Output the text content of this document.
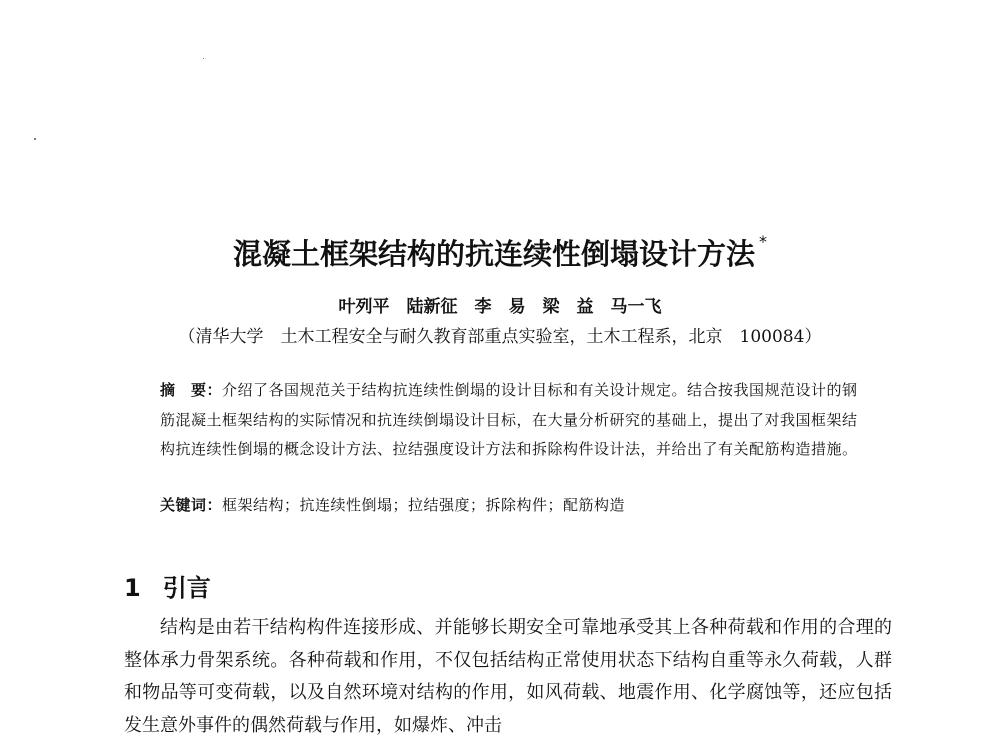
混凝土框架结构的抗连续性倒塌设计方法 *
叶列平　陆新征　李　易　梁　益　马一飞
（清华大学　土木工程安全与耐久教育部重点实验室，土木工程系，北京　100084）
摘　要：介绍了各国规范关于结构抗连续性倒塌的设计目标和有关设计规定。结合按我国规范设计的钢筋混凝土框架结构的实际情况和抗连续倒塌设计目标，在大量分析研究的基础上，提出了对我国框架结构抗连续性倒塌的概念设计方法、拉结强度设计方法和拆除构件设计法，并给出了有关配筋构造措施。
关键词：框架结构；抗连续性倒塌；拉结强度；拆除构件；配筋构造
1 引言

结构是由若干结构构件连接形成、并能够长期安全可靠地承受其上各种荷载和作用的合理的整体承力骨架系统。各种荷载和作用，不仅包括结构正常使用状态下结构自重等永久荷载，人群和物品等可变荷载，以及自然环境对结构的作用，如风荷载、地震作用、化学腐蚀等，还应包括发生意外事件的偶然荷载与作用，如爆炸、冲击
